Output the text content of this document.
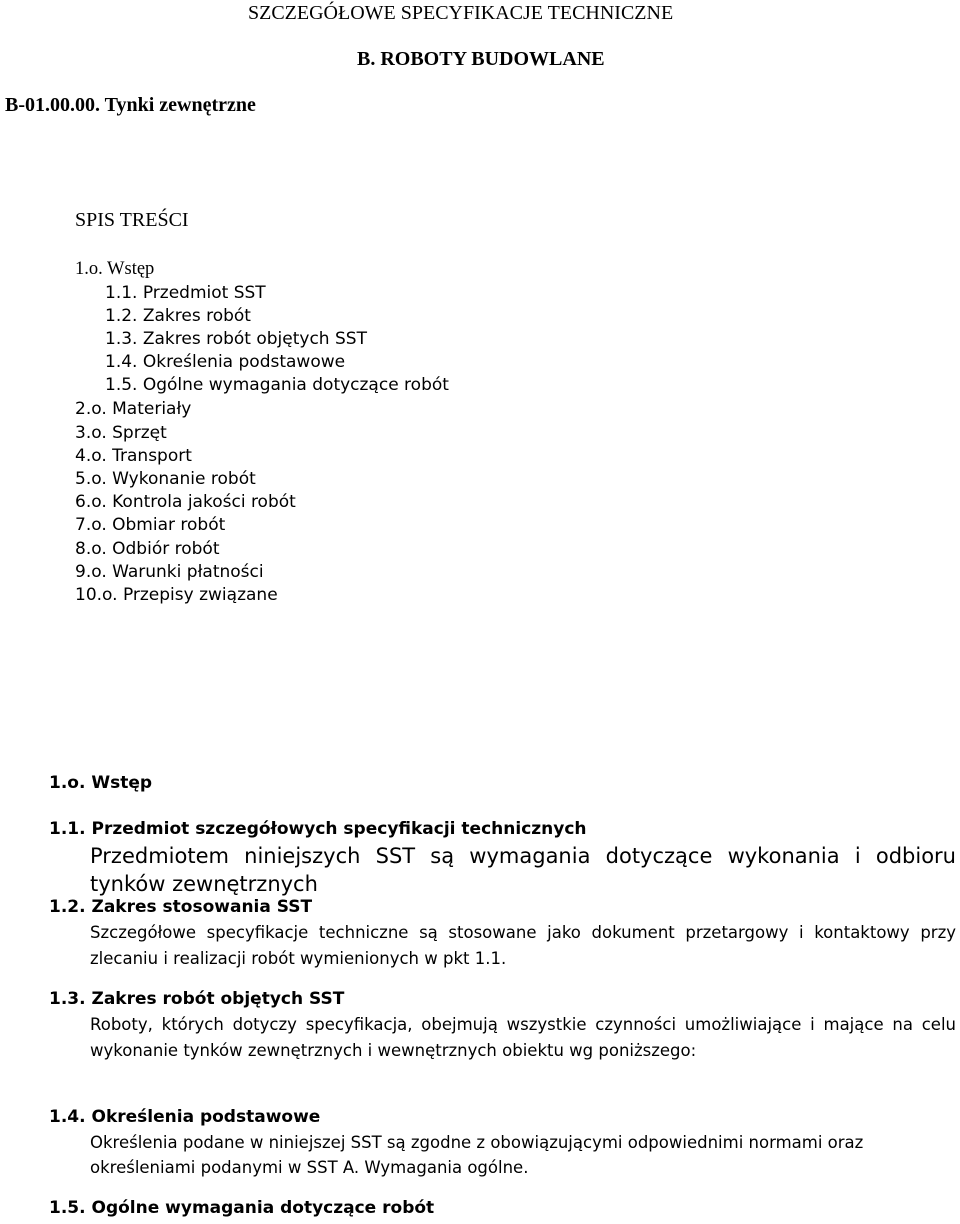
SZCZEGÓŁOWE SPECYFIKACJE TECHNICZNE
B. ROBOTY BUDOWLANE
B-01.00.00. Tynki zewnętrzne
SPIS TREŚCI
1.o. Wstęp
1.1. Przedmiot SST
1.2. Zakres robót
1.3. Zakres robót objętych SST
1.4. Określenia podstawowe
1.5. Ogólne wymagania dotyczące robót
2.o. Materiały
3.o. Sprzęt
4.o. Transport
5.o. Wykonanie robót
6.o. Kontrola jakości robót
7.o. Obmiar robót
8.o. Odbiór robót
9.o. Warunki płatności
10.o. Przepisy związane
1.o. Wstęp
1.1. Przedmiot szczegółowych specyfikacji technicznych

Przedmiotem niniejszych SST są wymagania dotyczące wykonania i odbioru tynków zewnętrznych

1.2. Zakres stosowania SST

Szczegółowe specyfikacje techniczne są stosowane jako dokument przetargowy i kontaktowy przy zlecaniu i realizacji robót wymienionych w pkt 1.1.

1.3. Zakres robót objętych SST

Roboty, których dotyczy specyfikacja, obejmują wszystkie czynności umożliwiające i mające na celu wykonanie tynków zewnętrznych i wewnętrznych obiektu wg poniższego:

1.4. Określenia podstawowe

Określenia podane w niniejszej SST są zgodne z obowiązującymi odpowiednimi normami oraz

określeniami podanymi w SST A. Wymagania ogólne.

1.5. Ogólne wymagania dotyczące robót
